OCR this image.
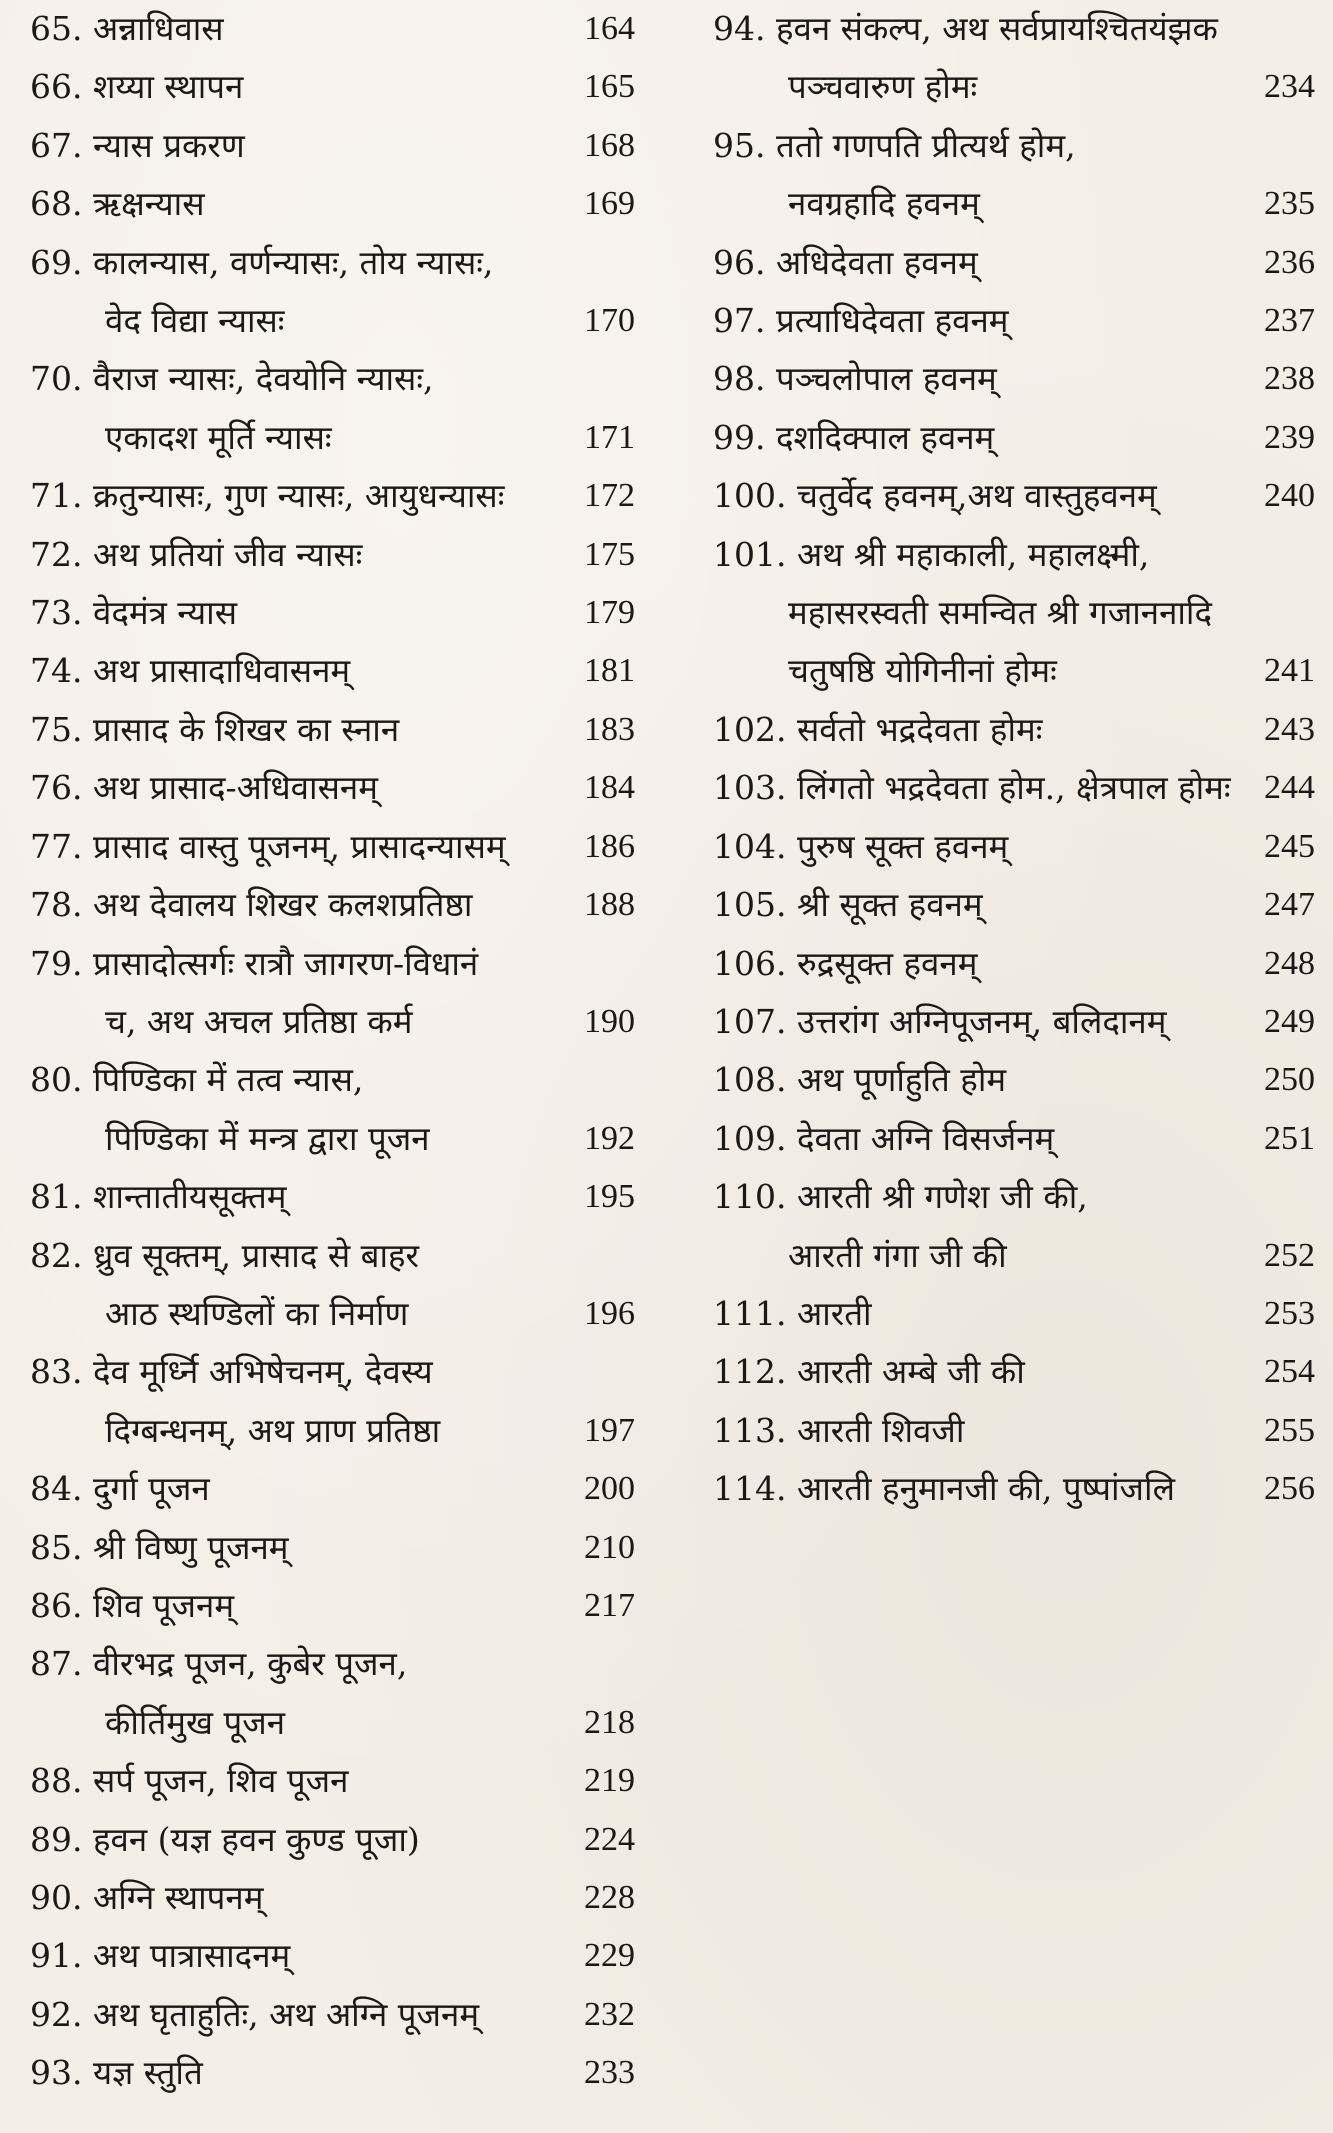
65. अन्नाधिवास	164
66. शय्या स्थापन	165
67. न्यास प्रकरण	168
68. ऋक्षन्यास	169
69. कालन्यास, वर्णन्यासः, तोय न्यासः,
वेद विद्या न्यासः	170
70. वैराज न्यासः, देवयोनि न्यासः,
एकादश मूर्ति न्यासः	171
71. क्रतुन्यासः, गुण न्यासः, आयुधन्यासः 172
72. अथ प्रतियां जीव न्यासः	175
73. वेदमंत्र न्यास	179
74. अथ प्रासादाधिवासनम्	181
75. प्रासाद के शिखर का स्नान	183
76. अथ प्रासाद-अधिवासनम्	184
77. प्रासाद वास्तु पूजनम्, प्रासादन्यासम् 186
78. अथ देवालय शिखर कलशप्रतिष्ठा	188
79. प्रासादोत्सर्गः रात्रौ जागरण-विधानं
च, अथ अचल प्रतिष्ठा कर्म	190
80. पिण्डिका में तत्व न्यास,
पिण्डिका में मन्त्र द्वारा पूजन	192
81. शान्तातीयसूक्तम्	195
82. ध्रुव सूक्तम्, प्रासाद से बाहर
आठ स्थण्डिलों का निर्माण	196
83. देव मूर्ध्नि अभिषेचनम्, देवस्य
दिग्बन्धनम्, अथ प्राण प्रतिष्ठा	197
84. दुर्गा पूजन	200
85. श्री विष्णु पूजनम्	210
86. शिव पूजनम्	217
87. वीरभद्र पूजन, कुबेर पूजन,
कीर्तिमुख पूजन	218
88. सर्प पूजन, शिव पूजन	219
89. हवन (यज्ञ हवन कुण्ड पूजा)	224
90. अग्नि स्थापनम्	228
91. अथ पात्रासादनम्	229
92. अथ घृताहुतिः, अथ अग्नि पूजनम्	232
93. यज्ञ स्तुति	233
94. हवन संकल्प, अथ सर्वप्रायश्चितयंझक
पञ्चवारुण होमः	234
95. ततो गणपति प्रीत्यर्थ होम,
नवग्रहादि हवनम्	235
96. अधिदेवता हवनम्	236
97. प्रत्याधिदेवता हवनम्	237
98. पञ्चलोपाल हवनम्	238
99. दशदिक्पाल हवनम्	239
100. चतुर्वेद हवनम्,अथ वास्तुहवनम्	240
101. अथ श्री महाकाली, महालक्ष्मी,
महासरस्वती समन्वित श्री गजाननादि
चतुषष्ठि योगिनीनां होमः	241
102. सर्वतो भद्रदेवता होमः	243
103. लिंगतो भद्रदेवता होम., क्षेत्रपाल होमः 244
104. पुरुष सूक्त हवनम्	245
105. श्री सूक्त हवनम्	247
106. रुद्रसूक्त हवनम्	248
107. उत्तरांग अग्निपूजनम्, बलिदानम्	249
108. अथ पूर्णाहुति होम	250
109. देवता अग्नि विसर्जनम्	251
110. आरती श्री गणेश जी की,
आरती गंगा जी की	252
111. आरती	253
112. आरती अम्बे जी की	254
113. आरती शिवजी	255
114. आरती हनुमानजी की, पुष्पांजलि	256
